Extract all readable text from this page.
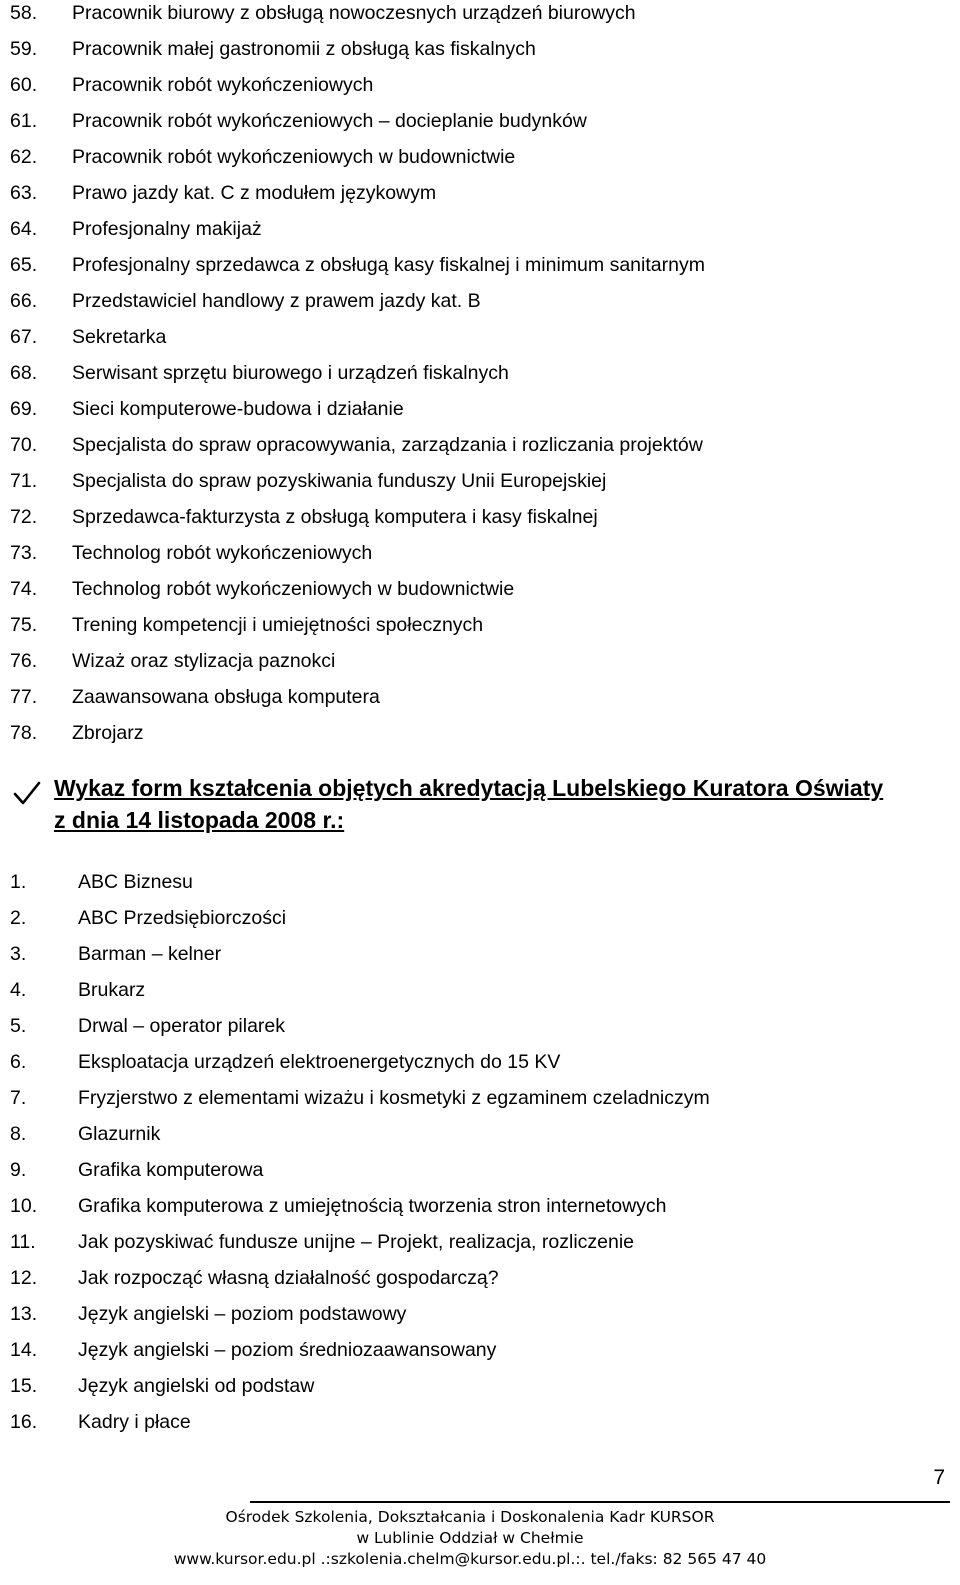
58. Pracownik biurowy z obsługą nowoczesnych urządzeń biurowych
59. Pracownik małej gastronomii z obsługą kas fiskalnych
60. Pracownik robót wykończeniowych
61. Pracownik robót wykończeniowych – docieplanie budynków
62. Pracownik robót wykończeniowych w budownictwie
63. Prawo jazdy kat. C z modułem językowym
64. Profesjonalny makijaż
65. Profesjonalny sprzedawca z obsługą kasy fiskalnej i minimum sanitarnym
66. Przedstawiciel handlowy z prawem jazdy kat. B
67. Sekretarka
68. Serwisant sprzętu biurowego i urządzeń fiskalnych
69. Sieci komputerowe-budowa i działanie
70. Specjalista do spraw opracowywania, zarządzania i rozliczania projektów
71. Specjalista do spraw pozyskiwania funduszy Unii Europejskiej
72. Sprzedawca-fakturzysta z obsługą komputera i kasy fiskalnej
73. Technolog robót wykończeniowych
74. Technolog robót wykończeniowych w budownictwie
75. Trening kompetencji i umiejętności społecznych
76. Wizaż oraz stylizacja paznokci
77. Zaawansowana obsługa komputera
78. Zbrojarz
Wykaz form kształcenia objętych akredytacją Lubelskiego Kuratora Oświaty
z dnia 14 listopada 2008 r.:
1.	ABC Biznesu
2.	ABC Przedsiębiorczości
3.	Barman – kelner
4.	Brukarz
5.	Drwal – operator pilarek
6.	Eksploatacja urządzeń elektroenergetycznych do 15 KV
7.	Fryzjerstwo z elementami wizażu i kosmetyki z egzaminem czeladniczym
8.	Glazurnik
9.	Grafika komputerowa
10. Grafika komputerowa z umiejętnością tworzenia stron internetowych
11. Jak pozyskiwać fundusze unijne – Projekt, realizacja, rozliczenie
12. Jak rozpocząć własną działalność gospodarczą?
13. Język angielski – poziom podstawowy
14. Język angielski – poziom średniozaawansowany
15. Język angielski od podstaw
16. Kadry i płace
7
Ośrodek Szkolenia, Dokształcania i Doskonalenia Kadr KURSOR
w Lublinie Oddział w Chełmie
www.kursor.edu.pl .:szkolenia.chelm@kursor.edu.pl.:. tel./faks: 82 565 47 40
